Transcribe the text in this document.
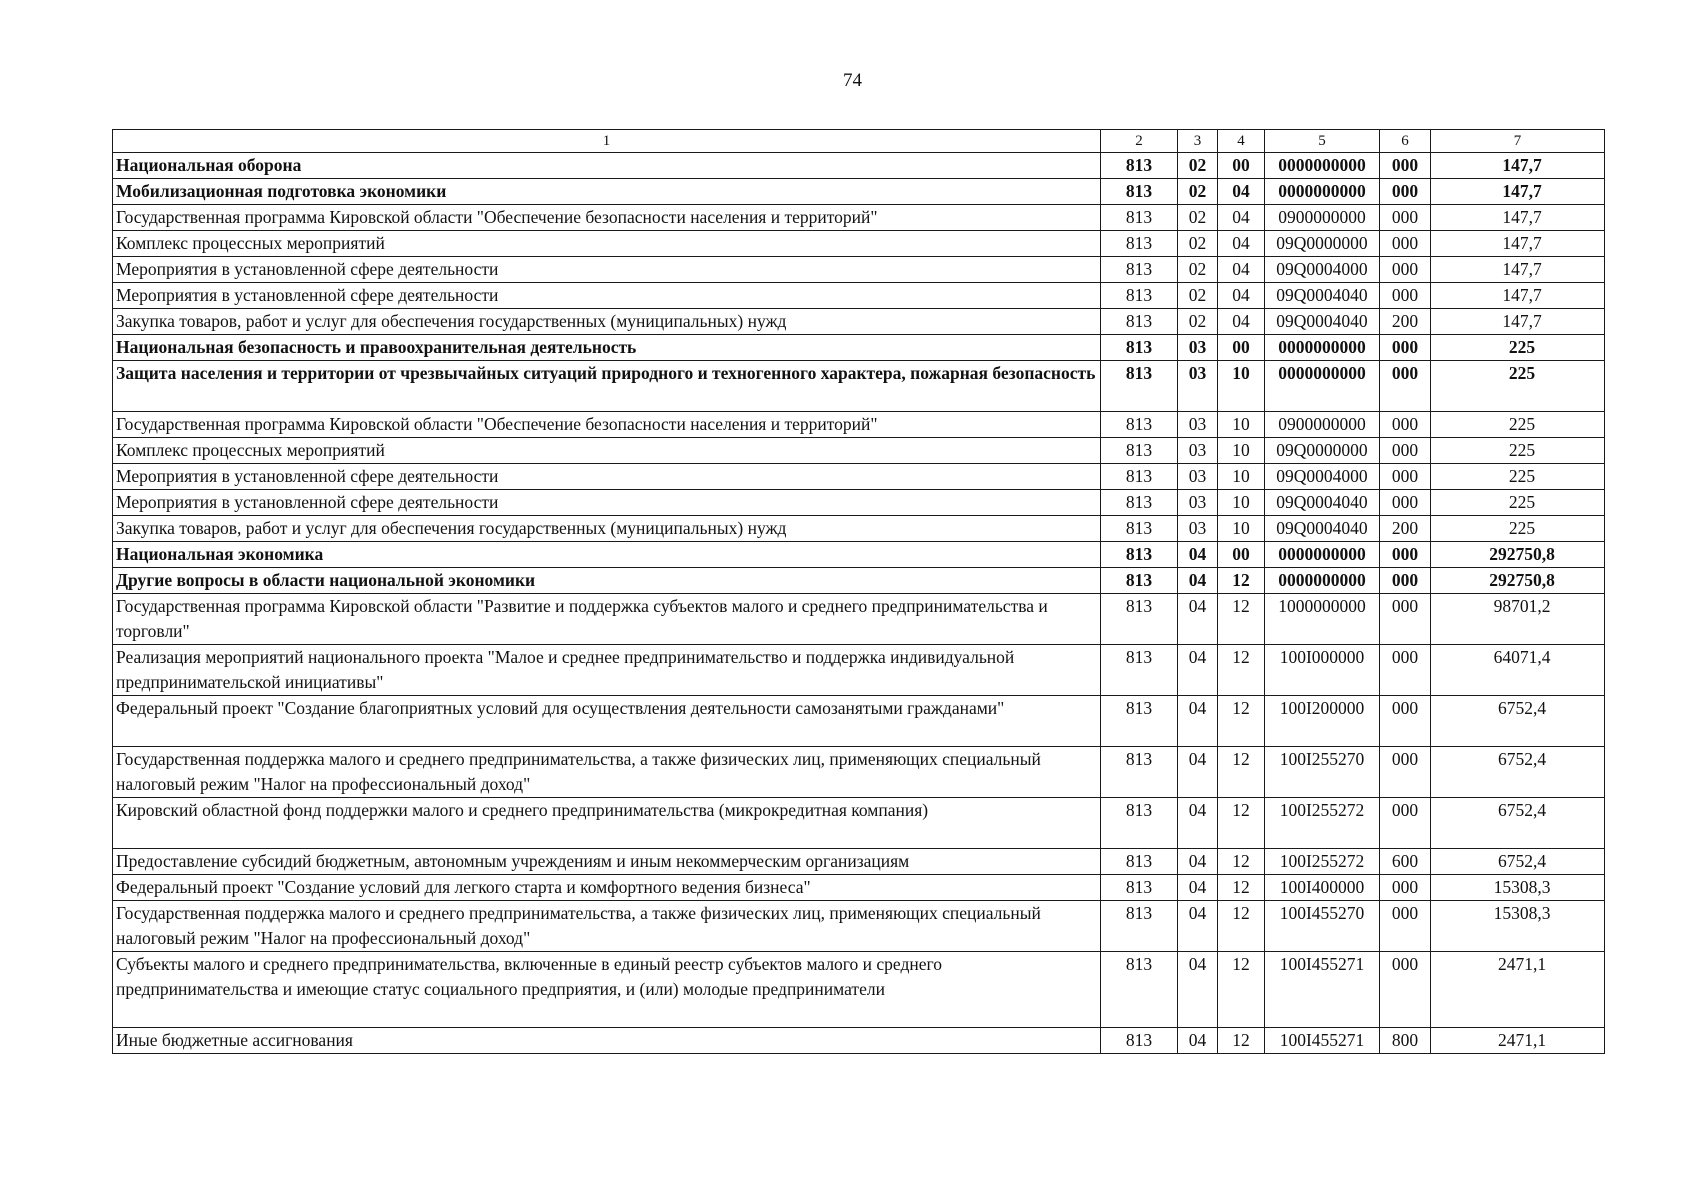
74
1	2	3	4	5	6	7
Национальная оборона	813	02	00	0000000000	000	147,7
Мобилизационная подготовка экономики	813	02	04	0000000000	000	147,7
Государственная программа Кировской области "Обеспечение безопасности населения и территорий"	813	02	04	0900000000	000	147,7
Комплекс процессных мероприятий	813	02	04	09Q0000000	000	147,7
Мероприятия в установленной сфере деятельности	813	02	04	09Q0004000	000	147,7
Мероприятия в установленной сфере деятельности	813	02	04	09Q0004040	000	147,7
Закупка товаров, работ и услуг для обеспечения государственных (муниципальных) нужд	813	02	04	09Q0004040	200	147,7
Национальная безопасность и правоохранительная деятельность	813	03	00	0000000000	000	225
Защита населения и территории от чрезвычайных ситуаций природного и техногенного характера, пожарная безопасность	813	03	10	0000000000	000	225
Государственная программа Кировской области "Обеспечение безопасности населения и территорий"	813	03	10	0900000000	000	225
Комплекс процессных мероприятий	813	03	10	09Q0000000	000	225
Мероприятия в установленной сфере деятельности	813	03	10	09Q0004000	000	225
Мероприятия в установленной сфере деятельности	813	03	10	09Q0004040	000	225
Закупка товаров, работ и услуг для обеспечения государственных (муниципальных) нужд	813	03	10	09Q0004040	200	225
Национальная экономика	813	04	00	0000000000	000	292750,8
Другие вопросы в области национальной экономики	813	04	12	0000000000	000	292750,8
Государственная программа Кировской области "Развитие и поддержка субъектов малого и среднего предпринимательства и торговли"	813	04	12	1000000000	000	98701,2
Реализация мероприятий национального проекта "Малое и среднее предпринимательство и поддержка индивидуальной предпринимательской инициативы"	813	04	12	100I000000	000	64071,4
Федеральный проект "Создание благоприятных условий для осуществления деятельности самозанятыми гражданами"	813	04	12	100I200000	000	6752,4
Государственная поддержка малого и среднего предпринимательства, а также физических лиц, применяющих специальный налоговый режим "Налог на профессиональный доход"	813	04	12	100I255270	000	6752,4
Кировский областной фонд поддержки малого и среднего предпринимательства (микрокредитная компания)	813	04	12	100I255272	000	6752,4
Предоставление субсидий бюджетным, автономным учреждениям и иным некоммерческим организациям	813	04	12	100I255272	600	6752,4
Федеральный проект "Создание условий для легкого старта и комфортного ведения бизнеса"	813	04	12	100I400000	000	15308,3
Государственная поддержка малого и среднего предпринимательства, а также физических лиц, применяющих специальный налоговый режим "Налог на профессиональный доход"	813	04	12	100I455270	000	15308,3
Субъекты малого и среднего предпринимательства, включенные в единый реестр субъектов малого и среднего предпринимательства и имеющие статус социального предприятия, и (или) молодые предприниматели	813	04	12	100I455271	000	2471,1
Иные бюджетные ассигнования	813	04	12	100I455271	800	2471,1
